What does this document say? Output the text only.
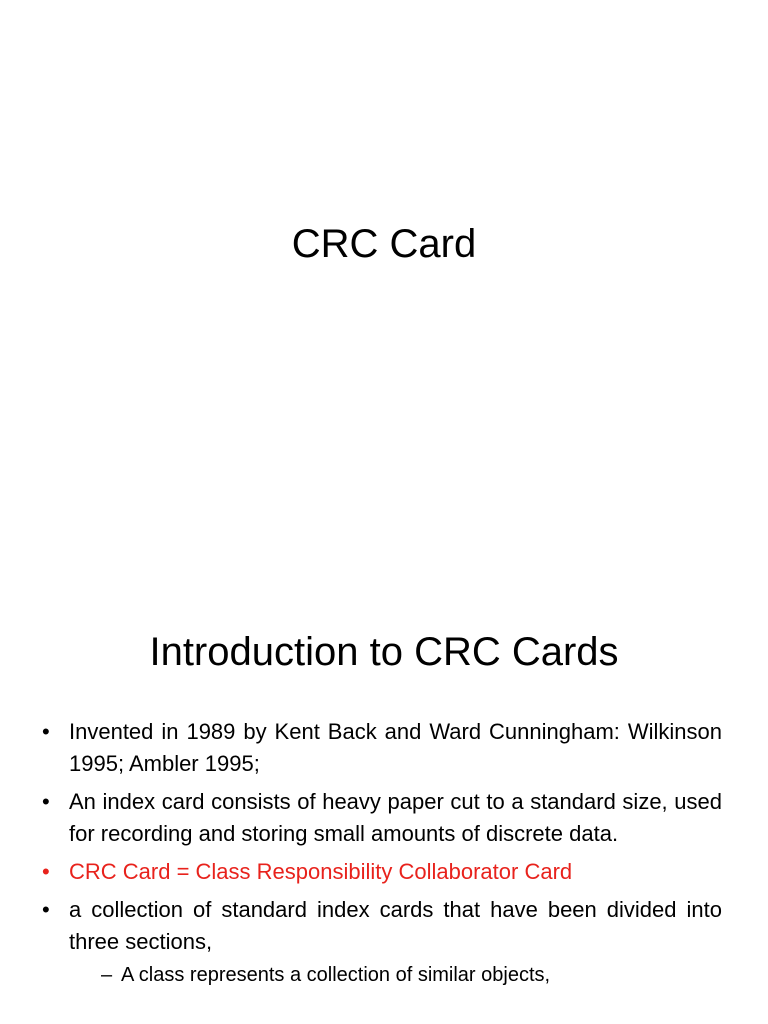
CRC Card
Introduction to CRC Cards
• Invented in 1989 by Kent Back and Ward Cunningham: Wilkinson 1995; Ambler 1995;
• An index card consists of heavy paper cut to a standard size, used for recording and storing small amounts of discrete data.
• CRC Card = Class Responsibility Collaborator Card
• a collection of standard index cards that have been divided into three sections,
– A class represents a collection of similar objects,
